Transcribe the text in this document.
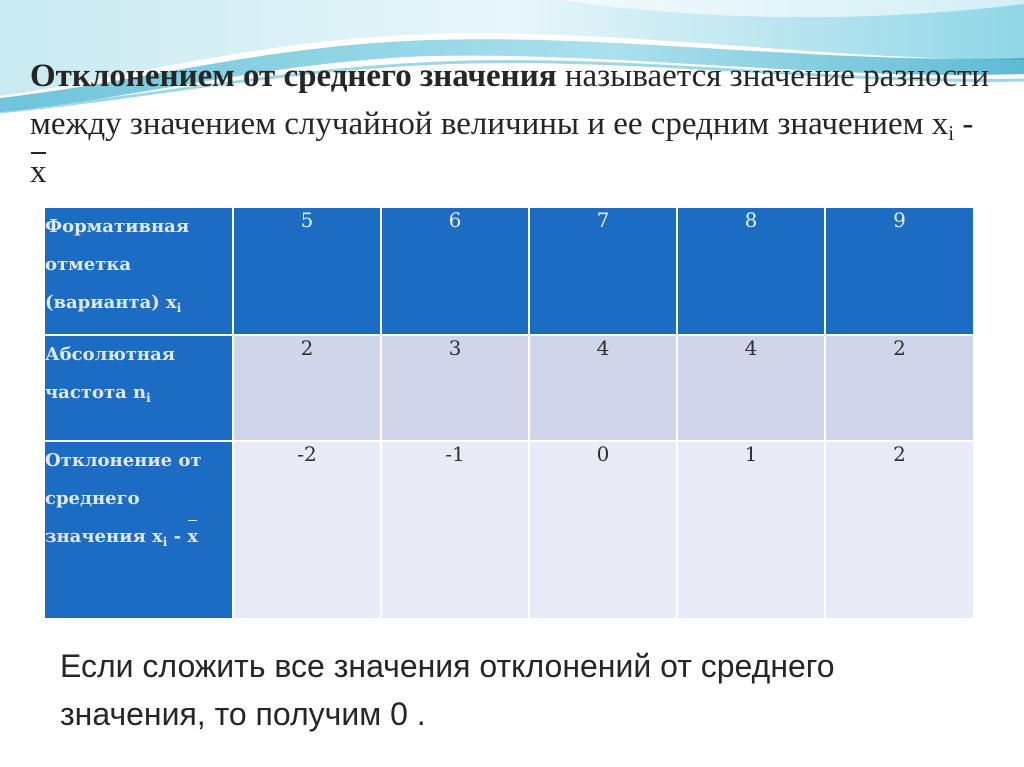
Отклонением от среднего значения называется значение разности между значением случайной величины и ее средним значением $x_i$ - x

Формативная отметка (варианта) $x_i$	5	6	7	8	9
Абсолютная частота $n_i$	2	3	4	4	2
Отклонение от среднего значения $x_i$ - x	-2	-1	0	1	2

Если сложить все значения отклонений от среднего значения, то получим 0 .
